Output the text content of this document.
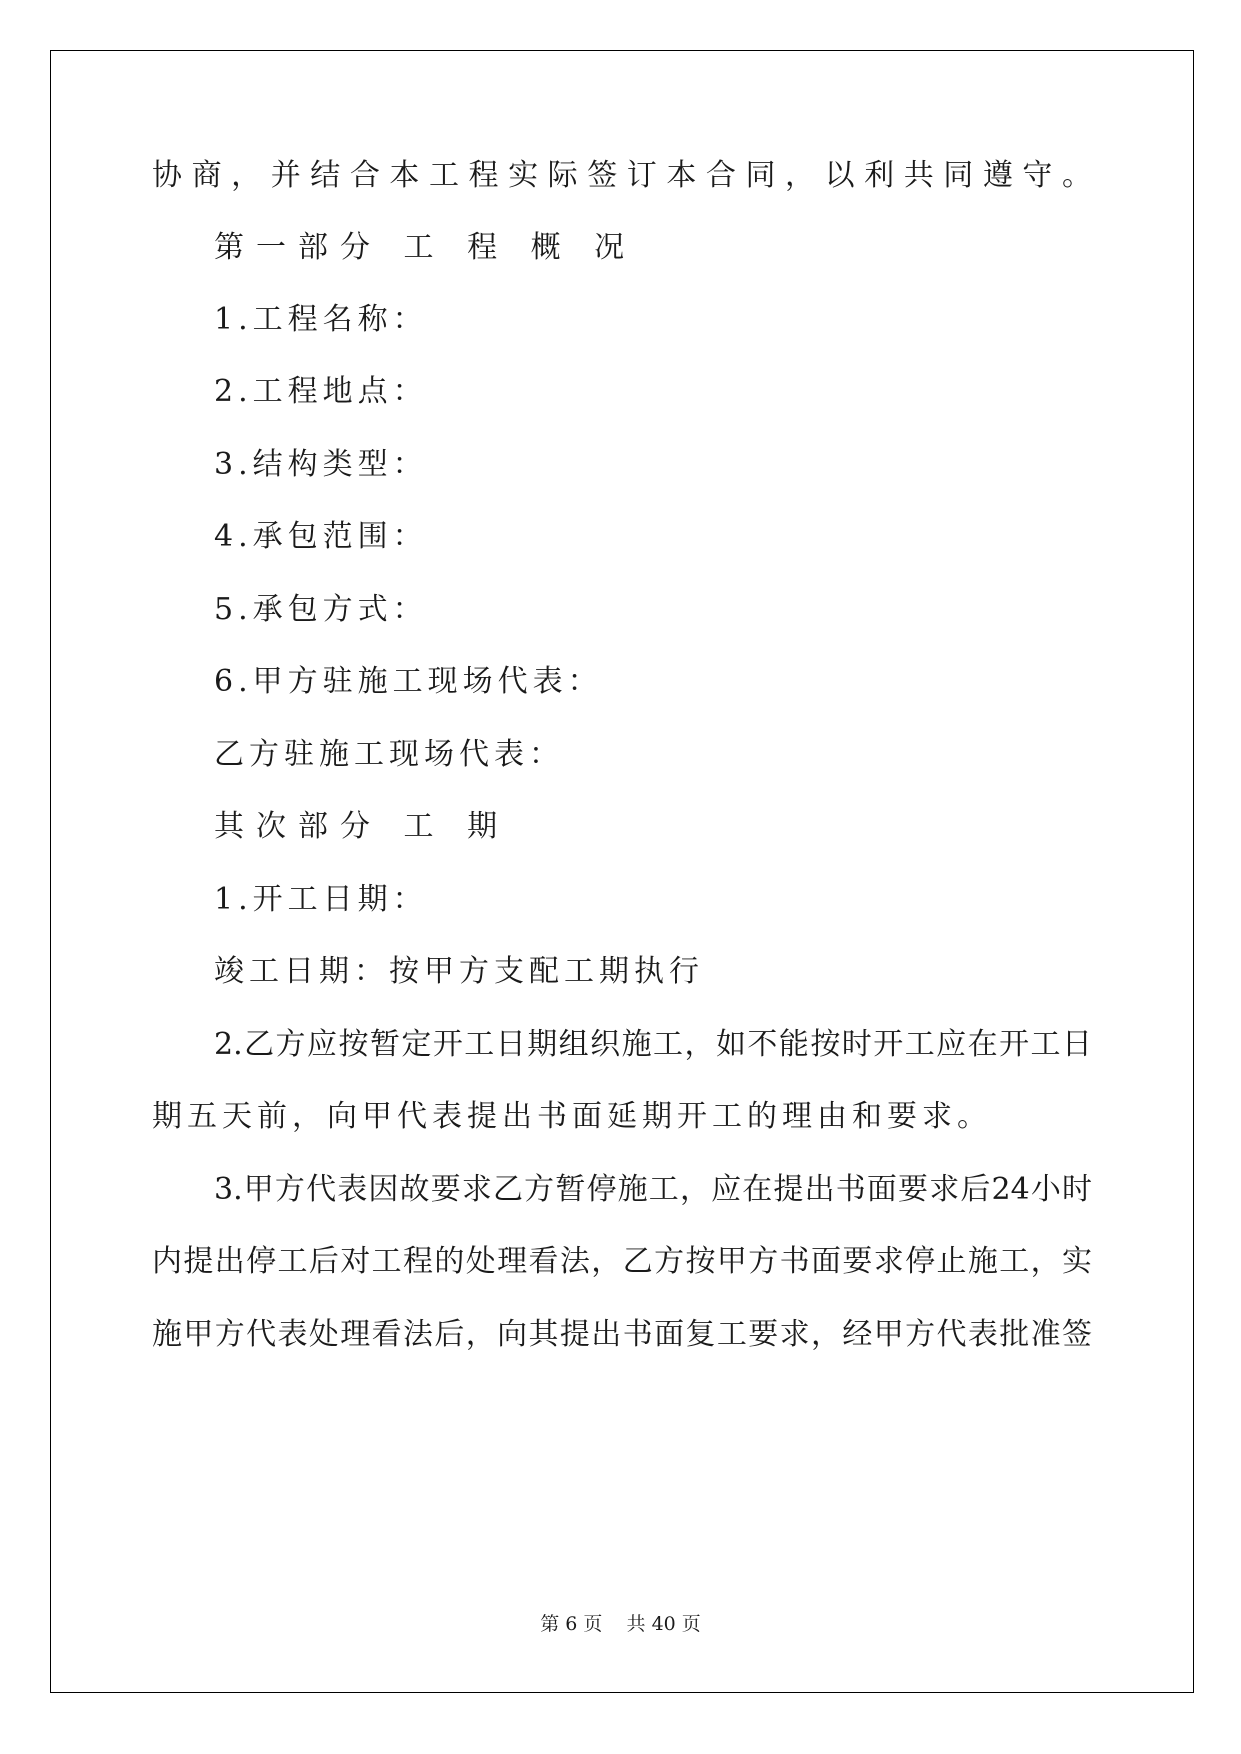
协商，并结合本工程实际签订本合同，以利共同遵守。
第一部分 工 程 概 况
1.工程名称：
2.工程地点：
3.结构类型：
4.承包范围：
5.承包方式：
6.甲方驻施工现场代表：
乙方驻施工现场代表：
其次部分 工 期
1.开工日期：
竣工日期：按甲方支配工期执行
2.乙方应按暂定开工日期组织施工，如不能按时开工应在开工日
期五天前，向甲代表提出书面延期开工的理由和要求。
3.甲方代表因故要求乙方暂停施工，应在提出书面要求后24小时
内提出停工后对工程的处理看法，乙方按甲方书面要求停止施工，实
施甲方代表处理看法后，向其提出书面复工要求，经甲方代表批准签
第 6 页    共 40 页
